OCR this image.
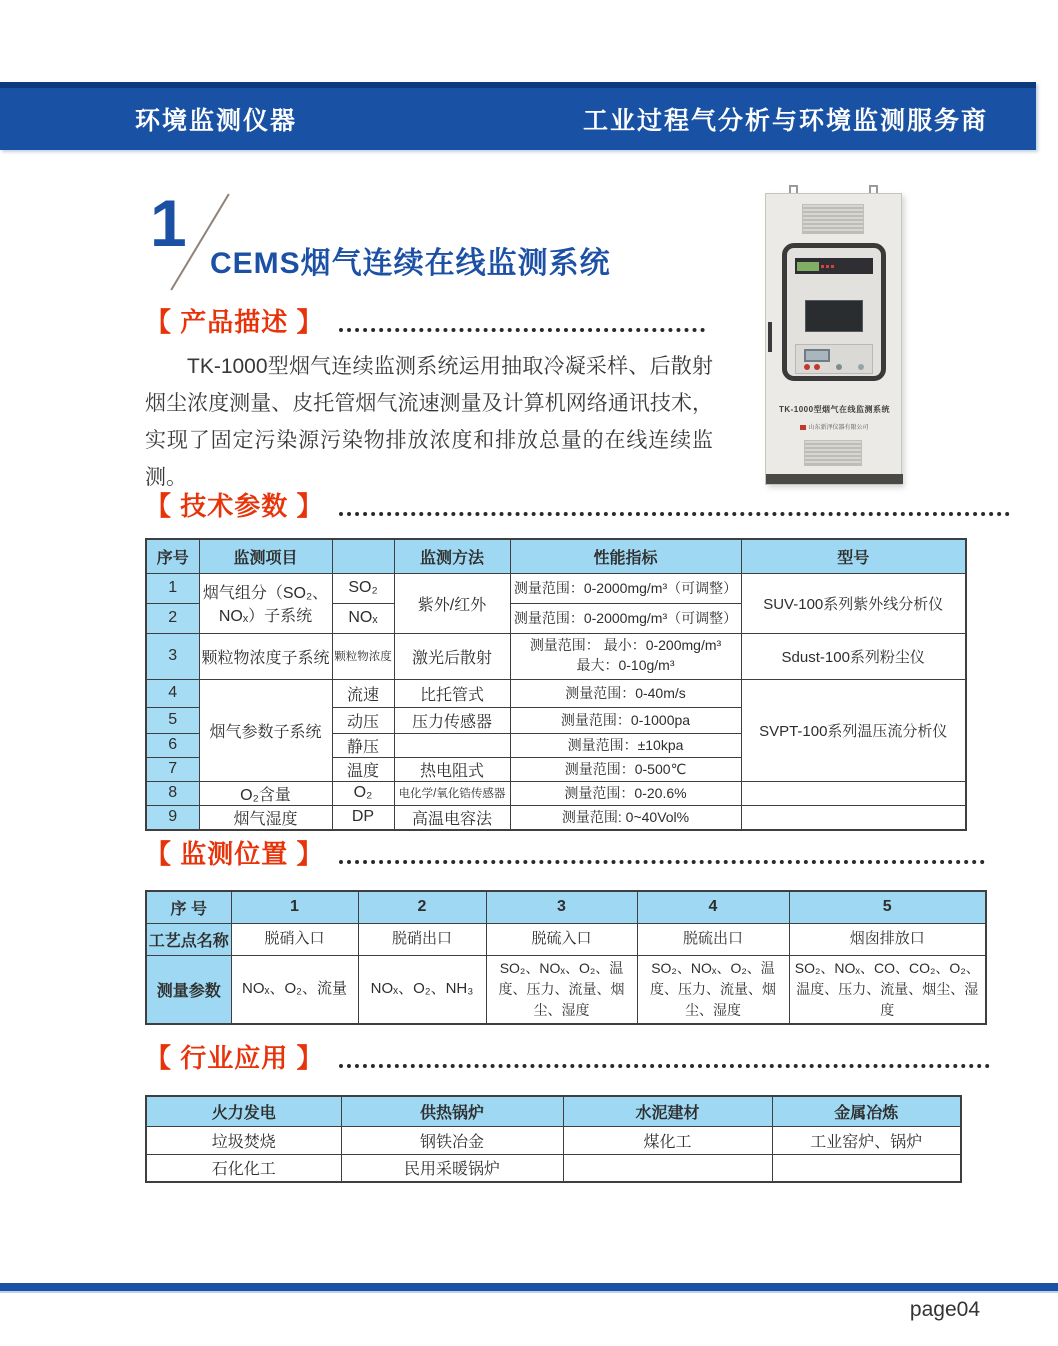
环境监测仪器	工业过程气分析与环境监测服务商
1
CEMS烟气连续在线监测系统
【 产品描述 】

TK-1000型烟气连续监测系统运用抽取冷凝采样、后散射烟尘浓度测量、皮托管烟气流速测量及计算机网络通讯技术，实现了固定污染源污染物排放浓度和排放总量的在线连续监测。

TK-1000型烟气在线监测系统
山东新泽仪器有限公司
【 技术参数 】
序号	监测项目		监测方法	性能指标	型号
1	烟气组分（SO₂、NOₓ）子系统	SO₂	紫外/红外	测量范围：0-2000mg/m³（可调整）	SUV-100系列紫外线分析仪
2		NOₓ		测量范围：0-2000mg/m³（可调整）	
3	颗粒物浓度子系统	颗粒物浓度	激光后散射	测量范围： 最小：0-200mg/m³
最大：0-10g/m³	Sdust-100系列粉尘仪
4	烟气参数子系统	流速	比托管式	测量范围：0-40m/s	SVPT-100系列温压流分析仪
5		动压	压力传感器	测量范围：0-1000pa	
6		静压		测量范围：±10kpa	
7		温度	热电阻式	测量范围：0-500℃	
8	O₂含量	O₂	电化学/氧化锆传感器	测量范围：0-20.6%	
9	烟气湿度	DP	高温电容法	测量范围: 0~40Vol%	
【 监测位置 】
序 号	1	2	3	4	5
工艺点名称	脱硝入口	脱硝出口	脱硫入口	脱硫出口	烟囱排放口
测量参数	NOₓ、O₂、流量	NOₓ、O₂、NH₃	SO₂、NOₓ、O₂、温度、压力、流量、烟尘、湿度	SO₂、NOₓ、O₂、温度、压力、流量、烟尘、湿度	SO₂、NOₓ、CO、CO₂、O₂、温度、压力、流量、烟尘、湿度
【 行业应用 】
火力发电	供热锅炉	水泥建材	金属冶炼
垃圾焚烧	钢铁冶金	煤化工	工业窑炉、锅炉
石化化工	民用采暖锅炉		
page04
